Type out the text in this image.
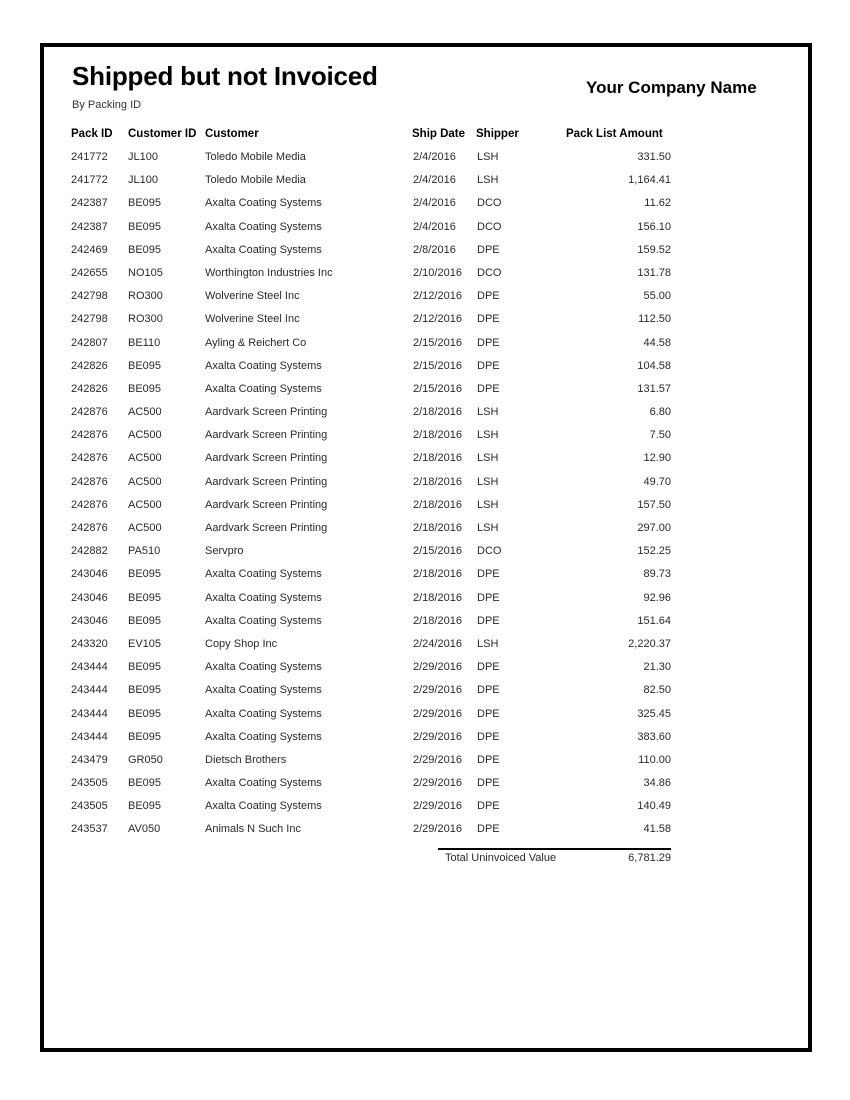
Shipped but not Invoiced
By Packing ID
Your Company Name
Pack ID Customer ID Customer	Ship Date Shipper	Pack List Amount
241772 JL100	Toledo Mobile Media	2/4/2016 LSH	331.50
241772 JL100	Toledo Mobile Media	2/4/2016 LSH	1,164.41
242387 BE095	Axalta Coating Systems	2/4/2016 DCO	11.62
242387 BE095	Axalta Coating Systems	2/4/2016 DCO	156.10
242469 BE095	Axalta Coating Systems	2/8/2016 DPE	159.52
242655 NO105	Worthington Industries Inc	2/10/2016 DCO	131.78
242798 RO300	Wolverine Steel Inc	2/12/2016 DPE	55.00
242798 RO300	Wolverine Steel Inc	2/12/2016 DPE	112.50
242807 BE110	Ayling & Reichert Co	2/15/2016 DPE	44.58
242826 BE095	Axalta Coating Systems	2/15/2016 DPE	104.58
242826 BE095	Axalta Coating Systems	2/15/2016 DPE	131.57
242876 AC500	Aardvark Screen Printing	2/18/2016 LSH	6.80
242876 AC500	Aardvark Screen Printing	2/18/2016 LSH	7.50
242876 AC500	Aardvark Screen Printing	2/18/2016 LSH	12.90
242876 AC500	Aardvark Screen Printing	2/18/2016 LSH	49.70
242876 AC500	Aardvark Screen Printing	2/18/2016 LSH	157.50
242876 AC500	Aardvark Screen Printing	2/18/2016 LSH	297.00
242882 PA510	Servpro	2/15/2016 DCO	152.25
243046 BE095	Axalta Coating Systems	2/18/2016 DPE	89.73
243046 BE095	Axalta Coating Systems	2/18/2016 DPE	92.96
243046 BE095	Axalta Coating Systems	2/18/2016 DPE	151.64
243320 EV105	Copy Shop Inc	2/24/2016 LSH	2,220.37
243444 BE095	Axalta Coating Systems	2/29/2016 DPE	21.30
243444 BE095	Axalta Coating Systems	2/29/2016 DPE	82.50
243444 BE095	Axalta Coating Systems	2/29/2016 DPE	325.45
243444 BE095	Axalta Coating Systems	2/29/2016 DPE	383.60
243479 GR050	Dietsch Brothers	2/29/2016 DPE	110.00
243505 BE095	Axalta Coating Systems	2/29/2016 DPE	34.86
243505 BE095	Axalta Coating Systems	2/29/2016 DPE	140.49
243537 AV050	Animals N Such Inc	2/29/2016 DPE	41.58
Total Uninvoiced Value	6,781.29
